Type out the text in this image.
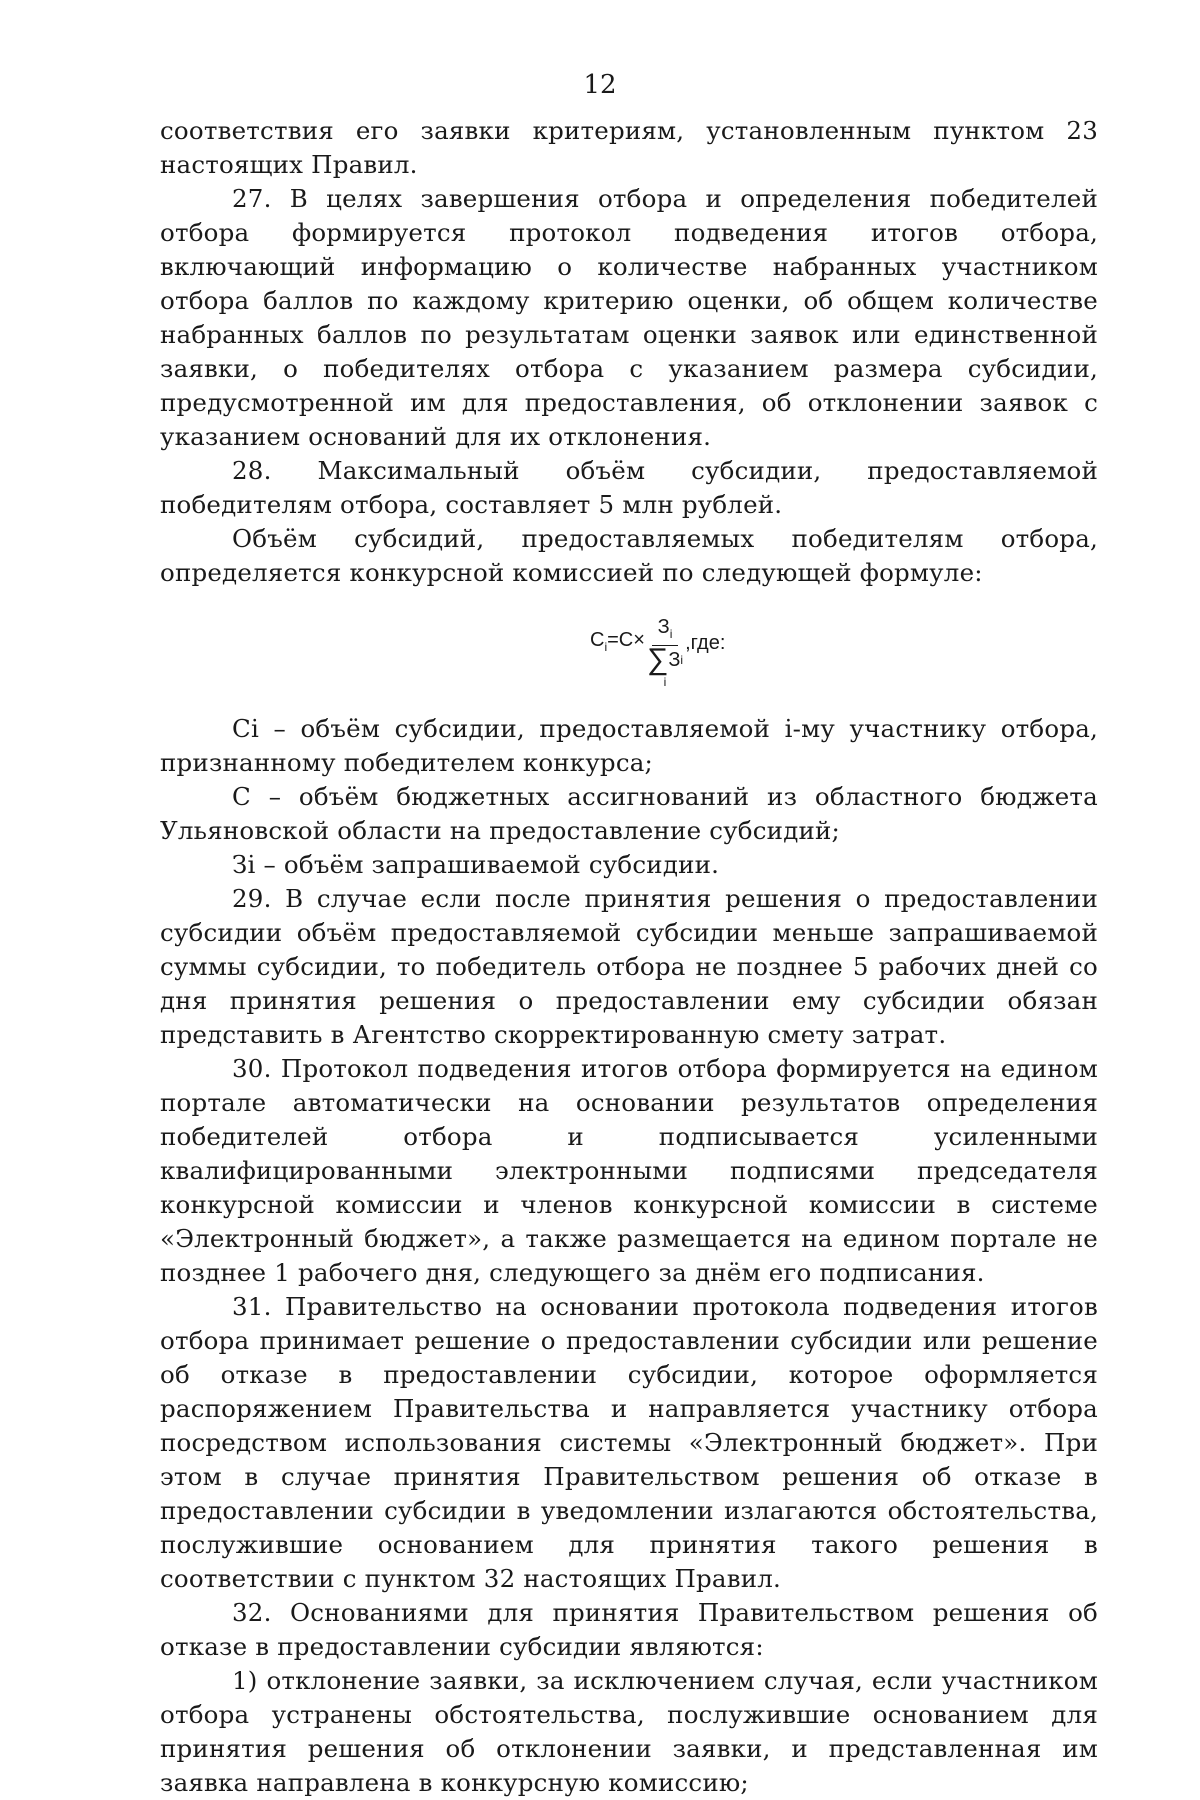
12

соответствия его заявки критериям, установленным пунктом 23 настоящих Правил.

27. В целях завершения отбора и определения победителей отбора формируется протокол подведения итогов отбора, включающий информацию о количестве набранных участником отбора баллов по каждому критерию оценки, об общем количестве набранных баллов по результатам оценки заявок или единственной заявки, о победителях отбора с указанием размера субсидии, предусмотренной им для предоставления, об отклонении заявок с указанием оснований для их отклонения.

28. Максимальный объём субсидии, предоставляемой победителям отбора, составляет 5 млн рублей.

Объём субсидий, предоставляемых победителям отбора, определяется конкурсной комиссией по следующей формуле:

$С_i=С\times$
$З_i$
∑ З i
i
,где:

Ci – объём субсидии, предоставляемой i-му участнику отбора, признанному победителем конкурса;

С – объём бюджетных ассигнований из областного бюджета Ульяновской области на предоставление субсидий;

Зi – объём запрашиваемой субсидии.

29. В случае если после принятия решения о предоставлении субсидии объём предоставляемой субсидии меньше запрашиваемой суммы субсидии, то победитель отбора не позднее 5 рабочих дней со дня принятия решения о предоставлении ему субсидии обязан представить в Агентство скорректированную смету затрат.

30. Протокол подведения итогов отбора формируется на едином портале автоматически на основании результатов определения победителей отбора и подписывается усиленными квалифицированными электронными подписями председателя конкурсной комиссии и членов конкурсной комиссии в системе «Электронный бюджет», а также размещается на едином портале не позднее 1 рабочего дня, следующего за днём его подписания.

31. Правительство на основании протокола подведения итогов отбора принимает решение о предоставлении субсидии или решение об отказе в предоставлении субсидии, которое оформляется распоряжением Правительства и направляется участнику отбора посредством использования системы «Электронный бюджет». При этом в случае принятия Правительством решения об отказе в предоставлении субсидии в уведомлении излагаются обстоятельства, послужившие основанием для принятия такого решения в соответствии с пунктом 32 настоящих Правил.

32. Основаниями для принятия Правительством решения об отказе в предоставлении субсидии являются:

1) отклонение заявки, за исключением случая, если участником отбора устранены обстоятельства, послужившие основанием для принятия решения об отклонении заявки, и представленная им заявка направлена в конкурсную комиссию;
